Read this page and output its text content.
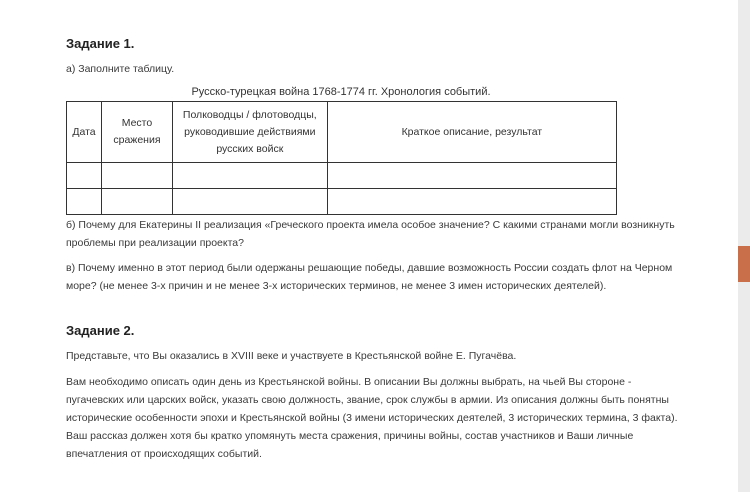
Задание 1.
а) Заполните таблицу.
Русско-турецкая война 1768-1774 гг. Хронология событий.
Дата	Место сражения	Полководцы / флотоводцы, руководившие действиями русских войск	Краткое описание, результат

б) Почему для Екатерины II реализация «Греческого проекта имела особое значение? С какими странами могли возникнуть проблемы при реализации проекта?
в) Почему именно в этот период были одержаны решающие победы, давшие возможность России создать флот на Черном море? (не менее 3-х причин и не менее 3-х исторических терминов, не менее 3 имен исторических деятелей).
Задание 2.
Представьте, что Вы оказались в XVIII веке и участвуете в Крестьянской войне Е. Пугачёва.
Вам необходимо описать один день из Крестьянской войны. В описании Вы должны выбрать, на чьей Вы стороне - пугачевских или царских войск, указать свою должность, звание, срок службы в армии. Из описания должны быть понятны исторические особенности эпохи и Крестьянской войны (3 имени исторических деятелей, 3 исторических термина, 3 факта). Ваш рассказ должен хотя бы кратко упомянуть места сражения, причины войны, состав участников и Ваши личные впечатления от происходящих событий.
